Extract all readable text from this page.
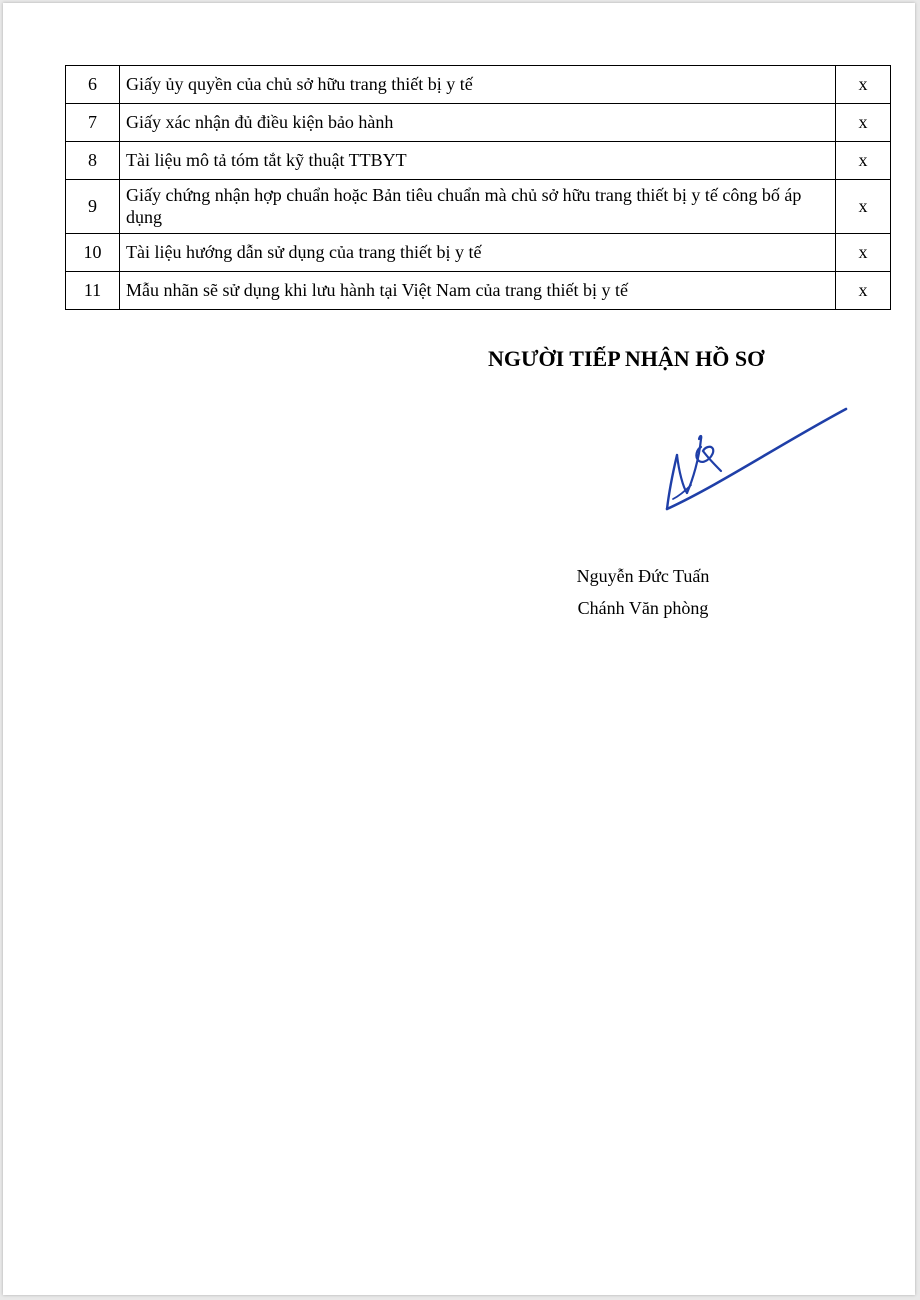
6	Giấy ủy quyền của chủ sở hữu trang thiết bị y tế	x
7	Giấy xác nhận đủ điều kiện bảo hành	x
8	Tài liệu mô tả tóm tắt kỹ thuật TTBYT	x
9	Giấy chứng nhận hợp chuẩn hoặc Bản tiêu chuẩn mà chủ sở hữu trang thiết bị y tế công bố áp dụng	x
10	Tài liệu hướng dẫn sử dụng của trang thiết bị y tế	x
11	Mẫu nhãn sẽ sử dụng khi lưu hành tại Việt Nam của trang thiết bị y tế	x
NGƯỜI TIẾP NHẬN HỒ SƠ
Nguyễn Đức Tuấn
Chánh Văn phòng
